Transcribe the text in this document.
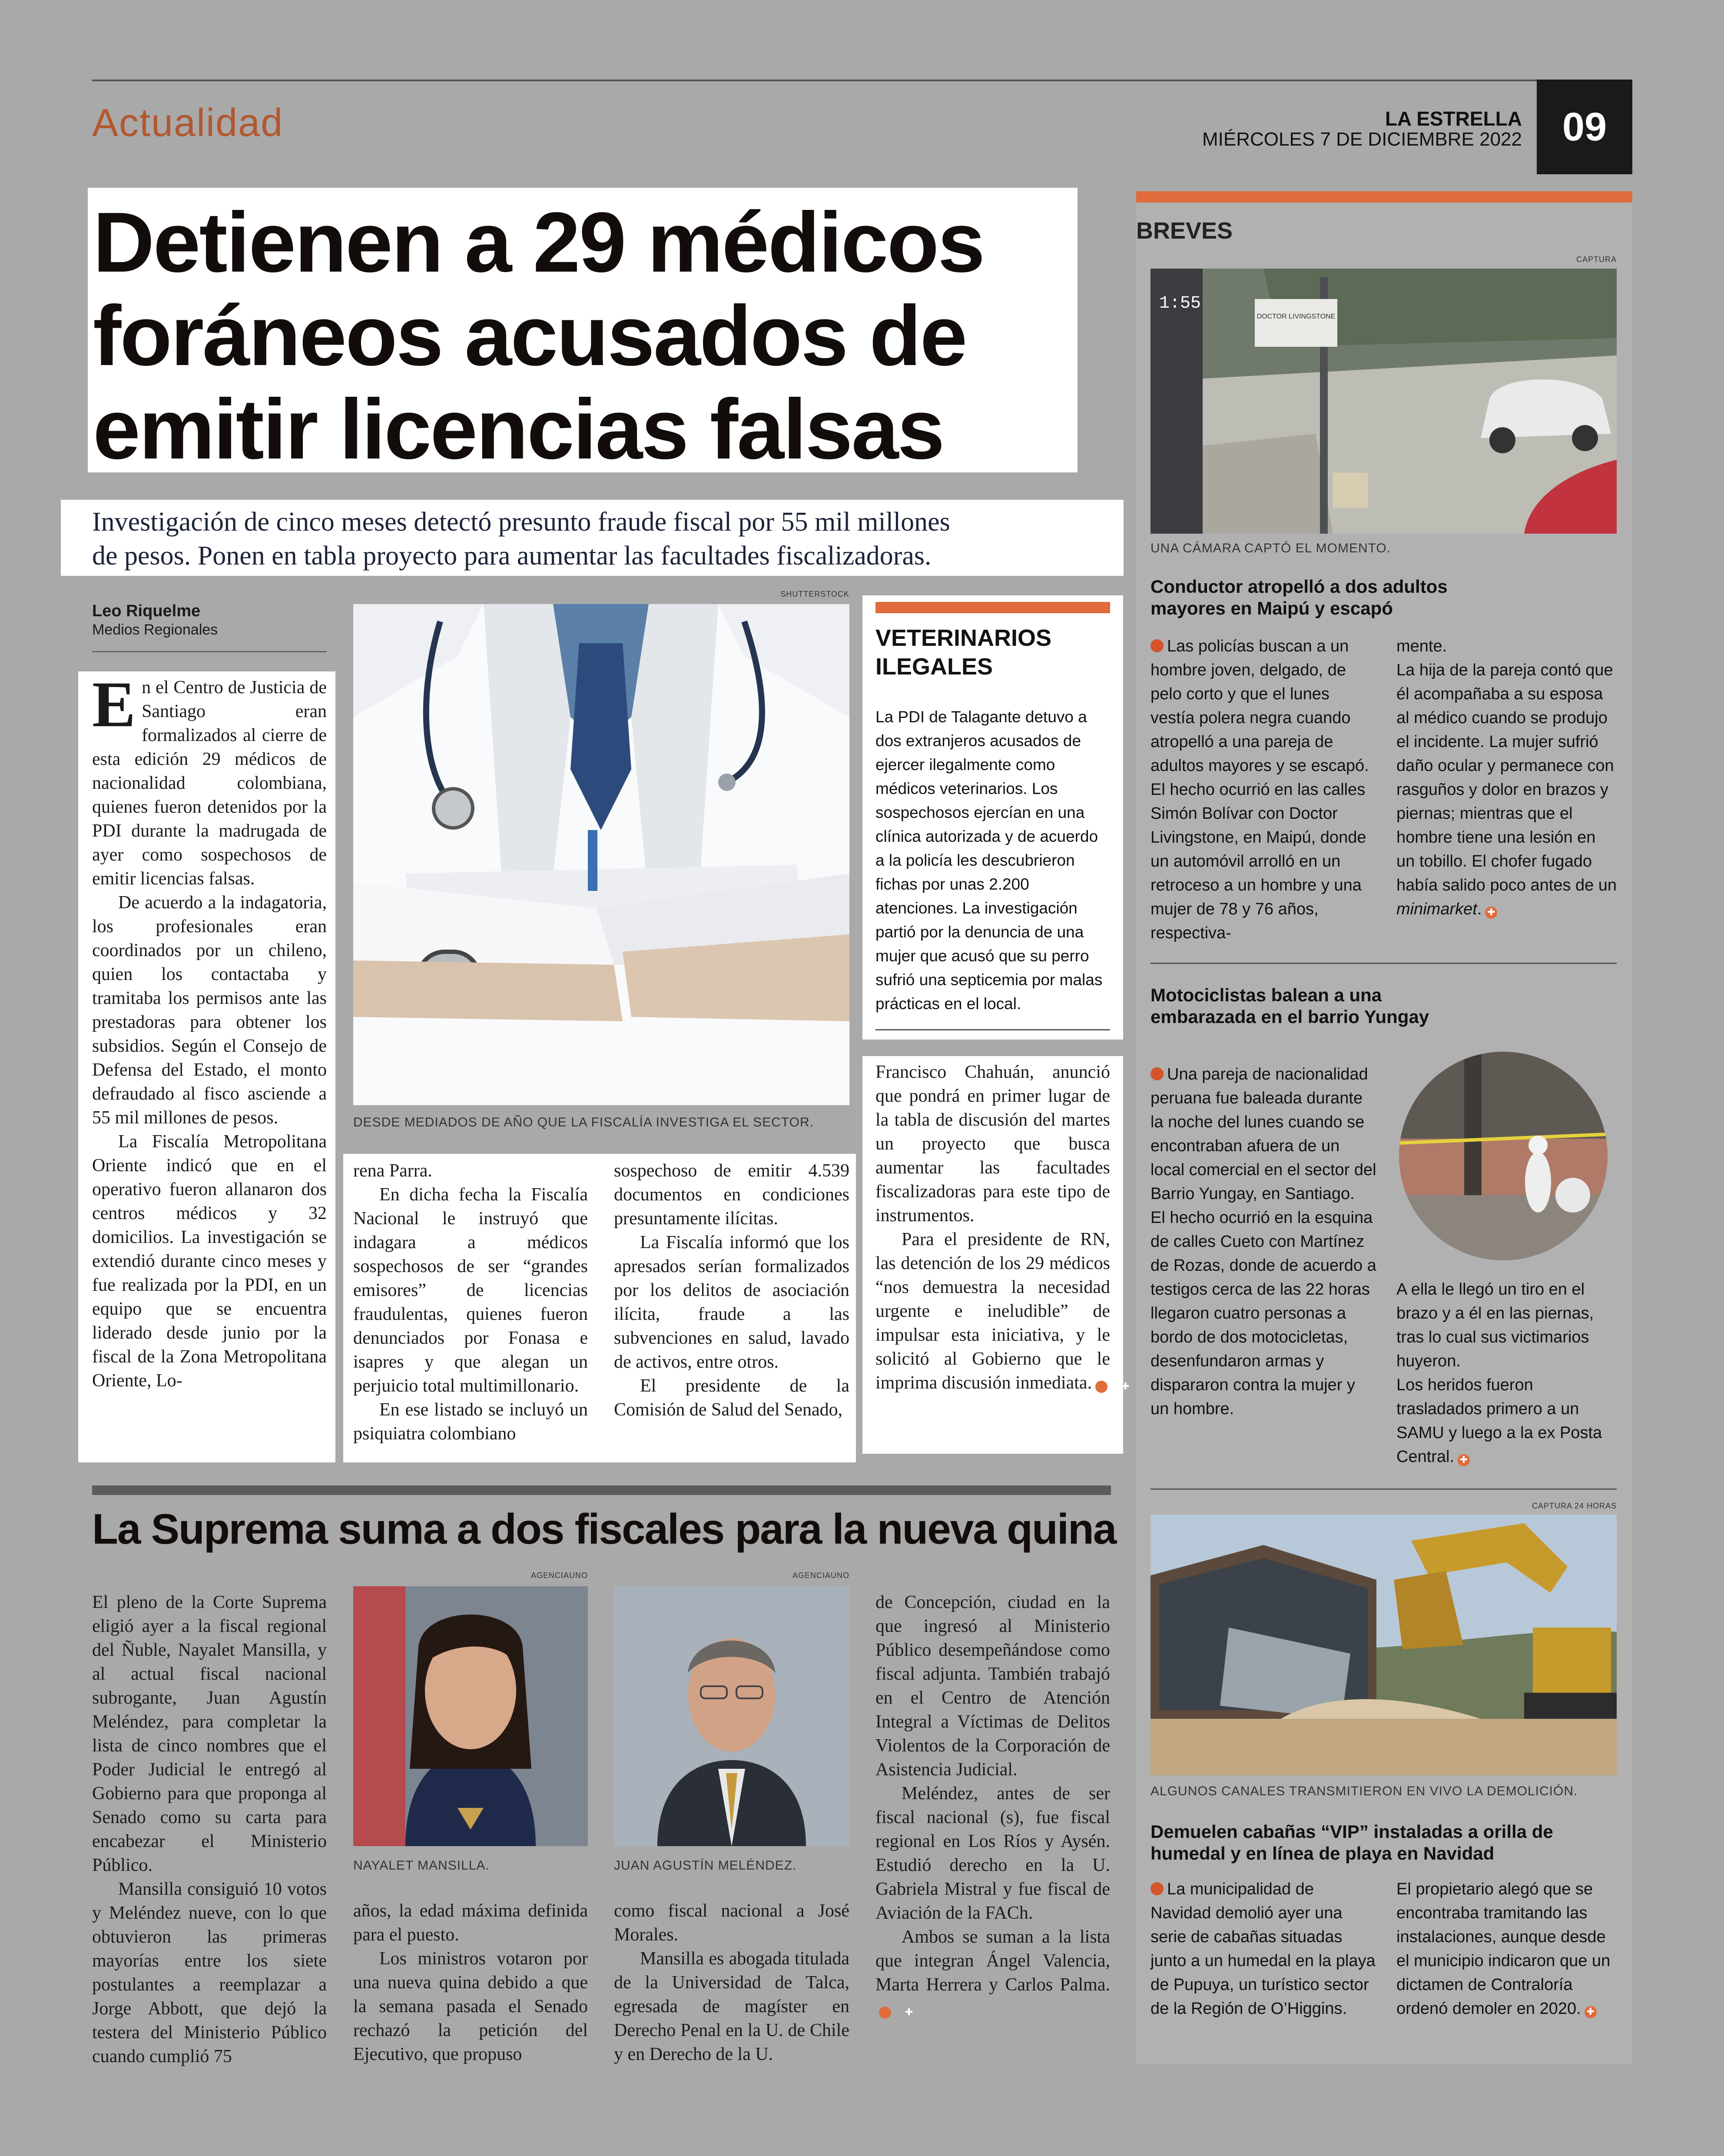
Actualidad	LA ESTRELLA
MIÉRCOLES 7 DE DICIEMBRE 2022	09
Detienen a 29 médicos
foráneos acusados de
emitir licencias falsas
Investigación de cinco meses detectó presunto fraude fiscal por 55 mil millones
de pesos. Ponen en tabla proyecto para aumentar las facultades fiscalizadoras.
Leo Riquelme
Medios Regionales

En el Centro de Justicia de Santiago eran formalizados al cierre de esta edición 29 médicos de nacionalidad colombiana, quienes fueron detenidos por la PDI durante la madrugada de ayer como sospechosos de emitir licencias falsas.

De acuerdo a la indagatoria, los profesionales eran coordinados por un chileno, quien los contactaba y tramitaba los permisos ante las prestadoras para obtener los subsidios. Según el Consejo de Defensa del Estado, el monto defraudado al fisco asciende a 55 mil millones de pesos.

La Fiscalía Metropolitana Oriente indicó que en el operativo fueron allanaron dos centros médicos y 32 domicilios. La investigación se extendió durante cinco meses y fue realizada por la PDI, en un equipo que se encuentra liderado desde junio por la fiscal de la Zona Metropolitana Oriente, Lo-

SHUTTERSTOCK
DESDE MEDIADOS DE AÑO QUE LA FISCALÍA INVESTIGA EL SECTOR.

rena Parra.

En dicha fecha la Fiscalía Nacional le instruyó que indagara a médicos sospechosos de ser “grandes emisores” de licencias fraudulentas, quienes fueron denunciados por Fonasa e isapres y que alegan un perjuicio total multimillonario.

En ese listado se incluyó un psiquiatra colombiano

sospechoso de emitir 4.539 documentos en condiciones presuntamente ilícitas.

La Fiscalía informó que los apresados serían formalizados por los delitos de asociación ilícita, fraude a las subvenciones en salud, lavado de activos, entre otros.

El presidente de la Comisión de Salud del Senado,

VETERINARIOS
ILEGALES
La PDI de Talagante detuvo a dos extranjeros acusados de ejercer ilegalmente como médicos veterinarios. Los sospechosos ejercían en una clínica autorizada y de acuerdo a la policía les descubrieron fichas por unas 2.200 atenciones. La investigación partió por la denuncia de una mujer que acusó que su perro sufrió una septicemia por malas prácticas en el local.

Francisco Chahuán, anunció que pondrá en primer lugar de la tabla de discusión del martes un proyecto que busca aumentar las facultades fiscalizadoras para este tipo de instrumentos.

Para el presidente de RN, las detención de los 29 médicos “nos demuestra la necesidad urgente e ineludible” de impulsar esta iniciativa, y le solicitó al Gobierno que le imprima discusión inmediata.	✚

La Suprema suma a dos fiscales para la nueva quina

El pleno de la Corte Suprema eligió ayer a la fiscal regional del Ñuble, Nayalet Mansilla, y al actual fiscal nacional subrogante, Juan Agustín Meléndez, para completar la lista de cinco nombres que el Poder Judicial le entregó al Gobierno para que proponga al Senado como su carta para encabezar el Ministerio Público.

Mansilla consiguió 10 votos y Meléndez nueve, con lo que obtuvieron las primeras mayorías entre los siete postulantes a reemplazar a Jorge Abbott, que dejó la testera del Ministerio Público cuando cumplió 75

AGENCIAUNO
NAYALET MANSILLA.
AGENCIAUNO
JUAN AGUSTÍN MELÉNDEZ.

años, la edad máxima definida para el puesto.

Los ministros votaron por una nueva quina debido a que la semana pasada el Senado rechazó la petición del Ejecutivo, que propuso

como fiscal nacional a José Morales.

Mansilla es abogada titulada de la Universidad de Talca, egresada de magíster en Derecho Penal en la U. de Chile y en Derecho de la U.

de Concepción, ciudad en la que ingresó al Ministerio Público desempeñándose como fiscal adjunta. También trabajó en el Centro de Atención Integral a Víctimas de Delitos Violentos de la Corporación de Asistencia Judicial.

Meléndez, antes de ser fiscal nacional (s), fue fiscal regional en Los Ríos y Aysén. Estudió derecho en la U. Gabriela Mistral y fue fiscal de Aviación de la FACh.

Ambos se suman a la lista que integran Ángel Valencia, Marta Herrera y Carlos Palma.✚

BREVES
CAPTURA
DOCTOR LIVINGSTONE
1:55
UNA CÁMARA CAPTÓ EL MOMENTO.
Conductor atropelló a dos adultos mayores en Maipú y escapó
Las policías buscan a un hombre joven, delgado, de pelo corto y que el lunes vestía polera negra cuando atropelló a una pareja de adultos mayores y se escapó. El hecho ocurrió en las calles Simón Bolívar con Doctor Livingstone, en Maipú, donde un automóvil arrolló en un retroceso a un hombre y una mujer de 78 y 76 años, respectiva-
mente.
La hija de la pareja contó que él acompañaba a su esposa al médico cuando se produjo el incidente. La mujer sufrió daño ocular y permanece con rasguños y dolor en brazos y piernas; mientras que el hombre tiene una lesión en un tobillo. El chofer fugado había salido poco antes de un minimarket. ✚
Motociclistas balean a una embarazada en el barrio Yungay
Una pareja de nacionalidad peruana fue baleada durante la noche del lunes cuando se encontraban afuera de un local comercial en el sector del Barrio Yungay, en Santiago.
El hecho ocurrió en la esquina de calles Cueto con Martínez de Rozas, donde de acuerdo a testigos cerca de las 22 horas llegaron cuatro personas a bordo de dos motocicletas, desenfundaron armas y dispararon contra la mujer y un hombre.
A ella le llegó un tiro en el brazo y a él en las piernas, tras lo cual sus victimarios huyeron.
Los heridos fueron trasladados primero a un SAMU y luego a la ex Posta Central. ✚
CAPTURA 24 HORAS
ALGUNOS CANALES TRANSMITIERON EN VIVO LA DEMOLICIÓN.
Demuelen cabañas “VIP” instaladas a orilla de humedal y en línea de playa en Navidad
La municipalidad de Navidad demolió ayer una serie de cabañas situadas junto a un humedal en la playa de Pupuya, un turístico sector de la Región de O’Higgins.
El propietario alegó que se encontraba tramitando las instalaciones, aunque desde el municipio indicaron que un dictamen de Contraloría ordenó demoler en 2020. ✚
